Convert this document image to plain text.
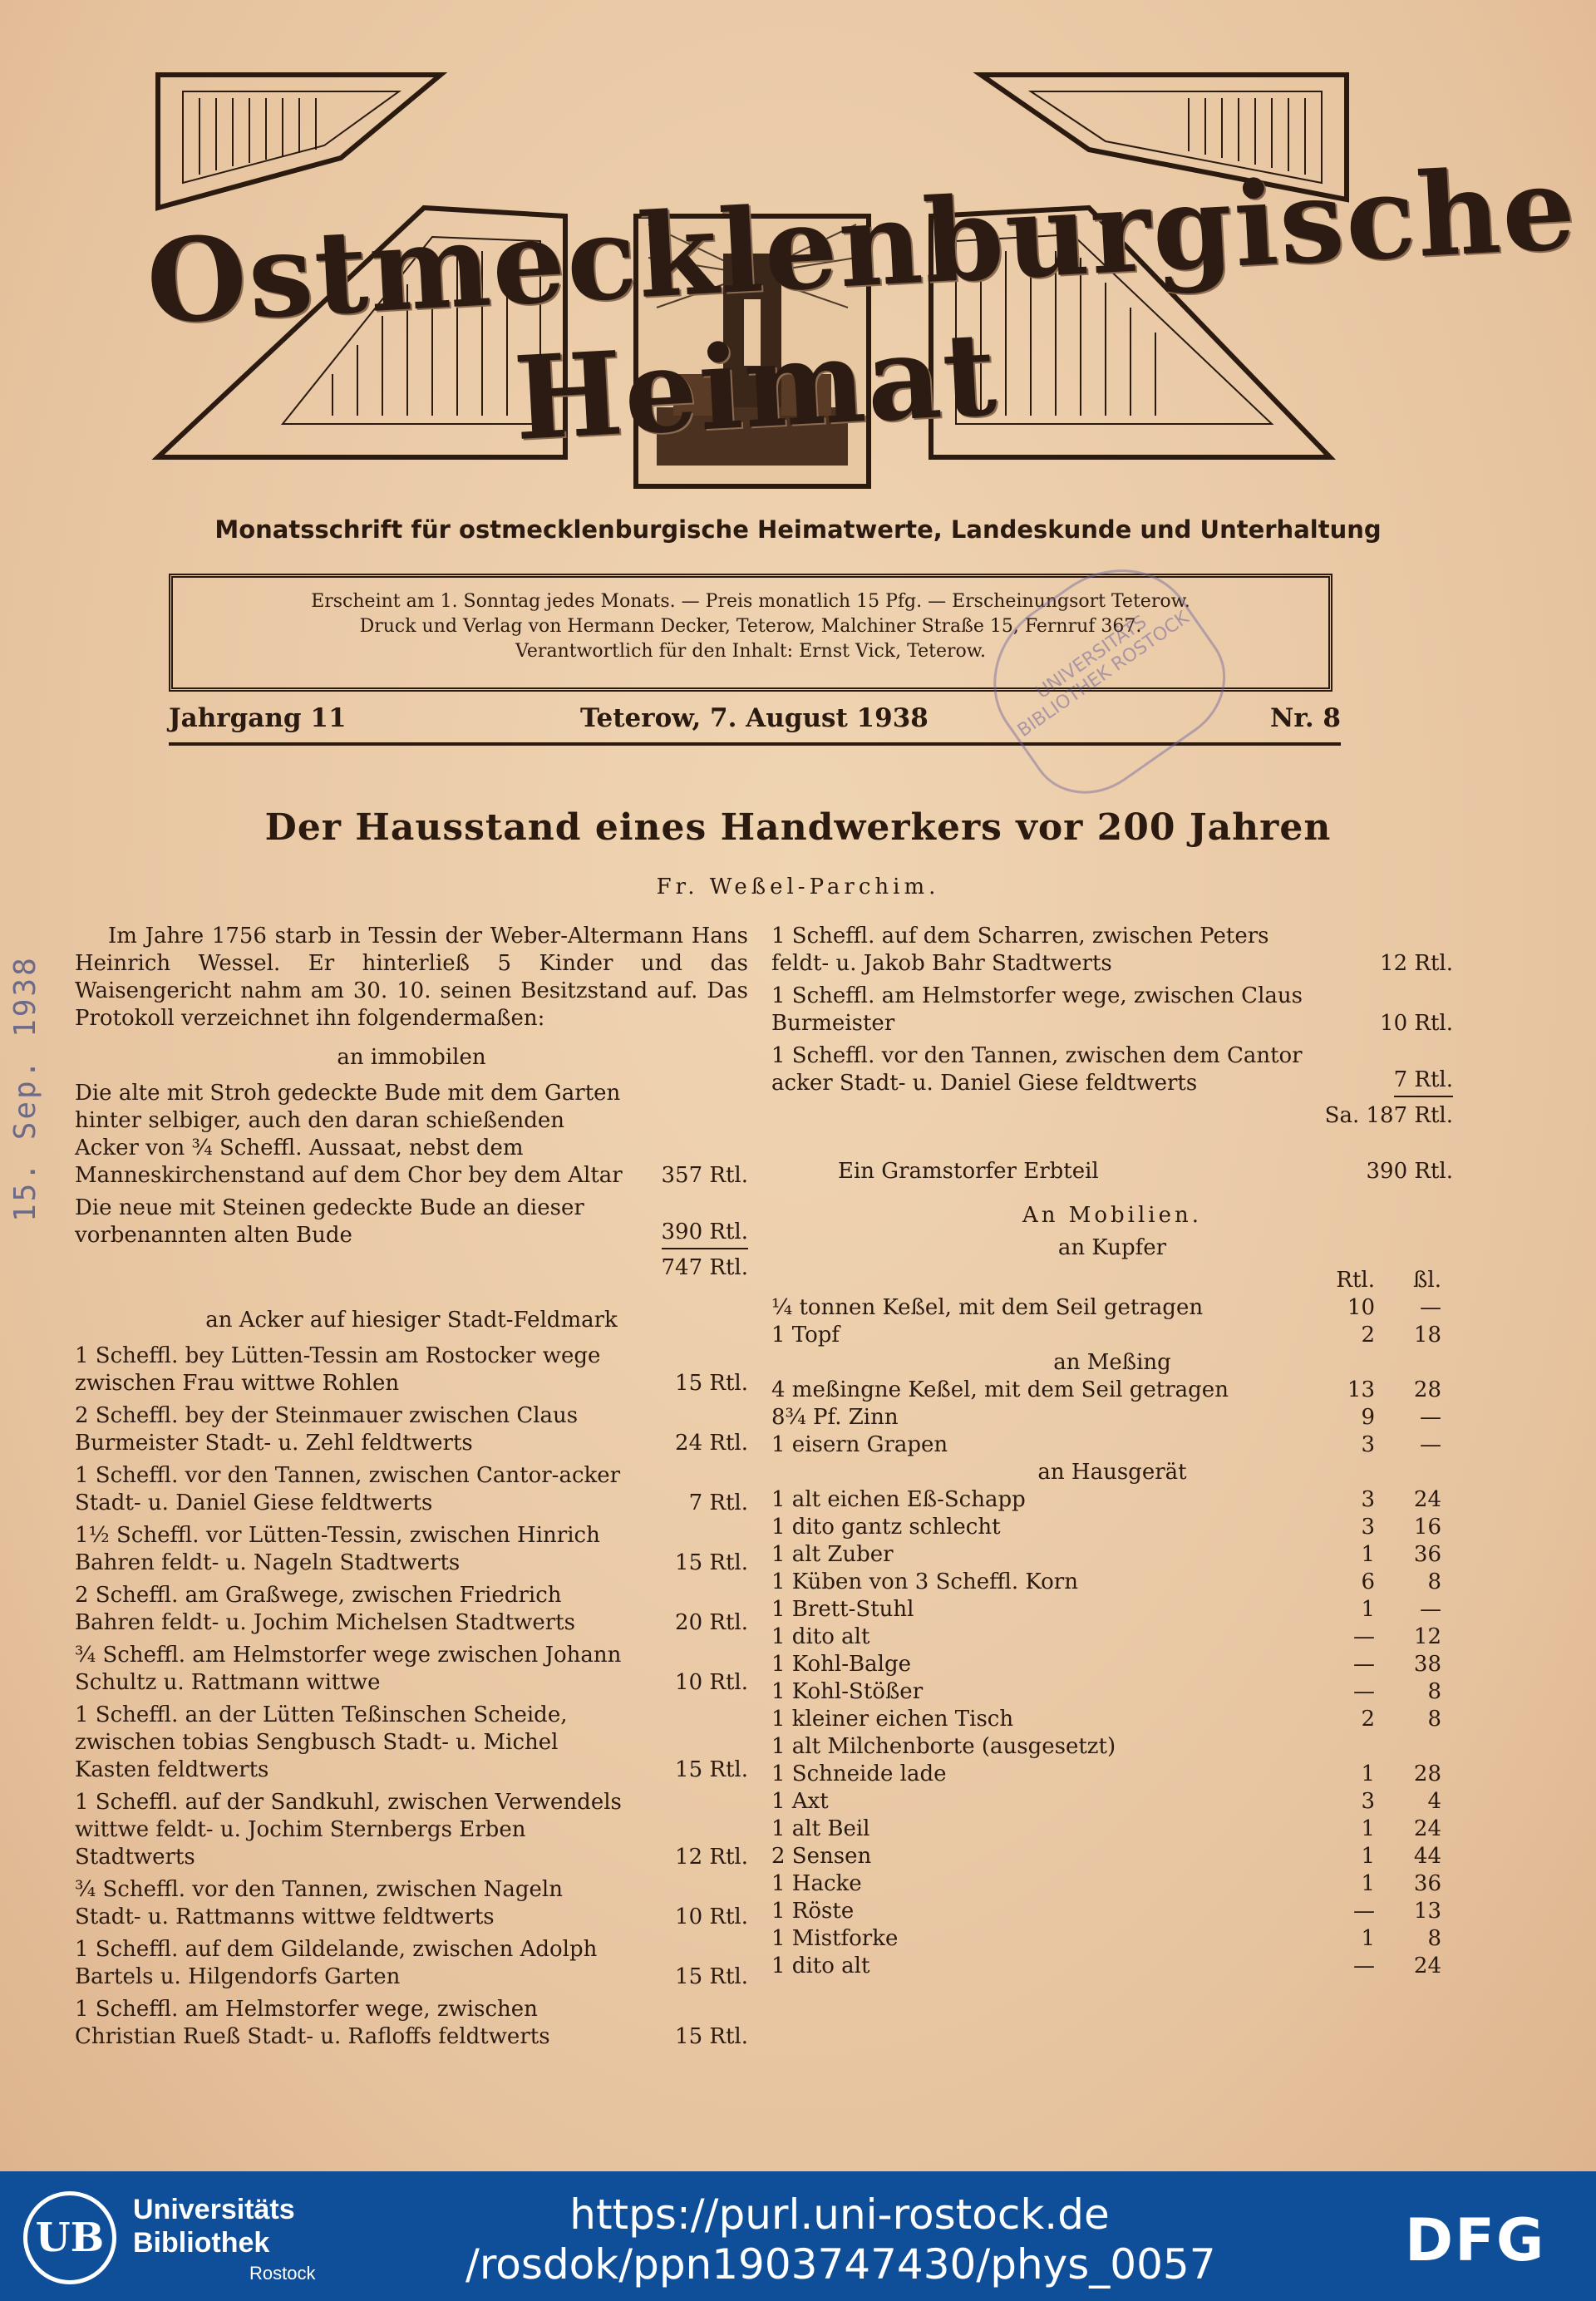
Ostmecklenburgische Heimat
Monatsschrift für ostmecklenburgische Heimatwerte, Landeskunde und Unterhaltung
Erscheint am 1. Sonntag jedes Monats. — Preis monatlich 15 Pfg. — Erscheinungsort Teterow.
Druck und Verlag von Hermann Decker, Teterow, Malchiner Straße 15, Fernruf 367.
Verantwortlich für den Inhalt: Ernst Vick, Teterow.
Jahrgang 11	Teterow, 7. August 1938	Nr. 8
UNIVERSITÄTS BIBLIOTHEK ROSTOCK
Der Hausstand eines Handwerkers vor 200 Jahren
Fr. Weßel-Parchim.
15. Sep. 1938

Im Jahre 1756 starb in Tessin der Weber-Altermann Hans Heinrich Wessel. Er hinterließ 5 Kinder und das Waisengericht nahm am 30. 10. seinen Besitzstand auf. Das Protokoll verzeichnet ihn folgendermaßen:

an immobilen
Die alte mit Stroh gedeckte Bude mit dem Garten hinter selbiger, auch den daran schießenden Acker von ¾ Scheffl. Aussaat, nebst dem Manneskirchenstand auf dem Chor bey dem Altar 357 Rtl.
Die neue mit Steinen gedeckte Bude an dieser vorbenannten alten Bude	390 Rtl.
747 Rtl.
an Acker auf hiesiger Stadt-Feldmark
1 Scheffl. bey Lütten-Tessin am Rostocker wege zwischen Frau wittwe Rohlen	15 Rtl.
2 Scheffl. bey der Steinmauer zwischen Claus Burmeister Stadt- u. Zehl feldtwerts	24 Rtl.
1 Scheffl. vor den Tannen, zwischen Cantor-acker Stadt- u. Daniel Giese feldtwerts	7 Rtl.
1½ Scheffl. vor Lütten-Tessin, zwischen Hinrich Bahren feldt- u. Nageln Stadtwerts	15 Rtl.
2 Scheffl. am Graßwege, zwischen Friedrich Bahren feldt- u. Jochim Michelsen Stadtwerts	20 Rtl.
¾ Scheffl. am Helmstorfer wege zwischen Johann Schultz u. Rattmann wittwe	10 Rtl.
1 Scheffl. an der Lütten Teßinschen Scheide, zwischen tobias Sengbusch Stadt- u. Michel Kasten feldtwerts	15 Rtl.
1 Scheffl. auf der Sandkuhl, zwischen Verwendels wittwe feldt- u. Jochim Sternbergs Erben Stadtwerts	12 Rtl.
¾ Scheffl. vor den Tannen, zwischen Nageln Stadt- u. Rattmanns wittwe feldtwerts	10 Rtl.
1 Scheffl. auf dem Gildelande, zwischen Adolph Bartels u. Hilgendorfs Garten	15 Rtl.
1 Scheffl. am Helmstorfer wege, zwischen Christian Rueß Stadt- u. Rafloffs feldtwerts	15 Rtl.
1 Scheffl. auf dem Scharren, zwischen Peters feldt- u. Jakob Bahr Stadtwerts	12 Rtl.
1 Scheffl. am Helmstorfer wege, zwischen Claus Burmeister	10 Rtl.
1 Scheffl. vor den Tannen, zwischen dem Cantor acker Stadt- u. Daniel Giese feldtwerts	7 Rtl.
Sa. 187 Rtl.
Ein Gramstorfer Erbteil	390 Rtl.
An Mobilien.
an Kupfer
	Rtl.	ßl.
¼ tonnen Keßel, mit dem Seil getragen	10	—
1 Topf	2	18
an Meßing		
4 meßingne Keßel, mit dem Seil getragen	13	28
8¾ Pf. Zinn	9	—
1 eisern Grapen	3	—
an Hausgerät		
1 alt eichen Eß-Schapp	3	24
1 dito gantz schlecht	3	16
1 alt Zuber	1	36
1 Küben von 3 Scheffl. Korn	6	8
1 Brett-Stuhl	1	—
1 dito alt	—	12
1 Kohl-Balge	—	38
1 Kohl-Stößer	—	8
1 kleiner eichen Tisch	2	8
1 alt Milchenborte (ausgesetzt)		
1 Schneide lade	1	28
1 Axt	3	4
1 alt Beil	1	24
2 Sensen	1	44
1 Hacke	1	36
1 Röste	—	13
1 Mistforke	1	8
1 dito alt	—	24
UB
Universitäts
Bibliothek
Rostock
https://purl.uni-rostock.de
/rosdok/ppn1903747430/phys_0057	DFG
